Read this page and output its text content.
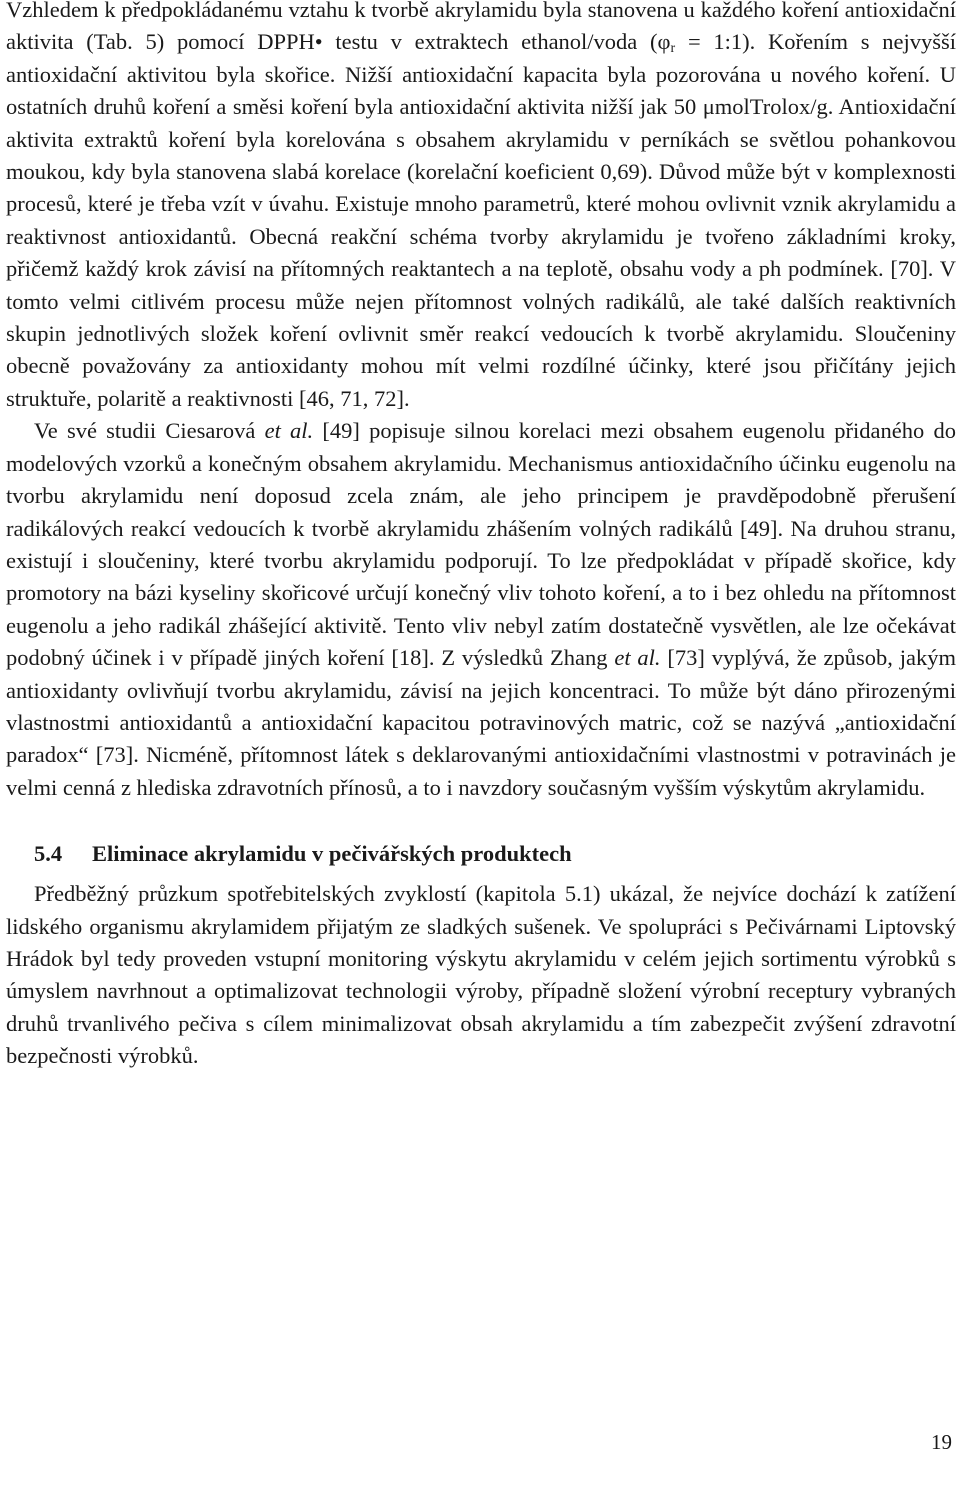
Vzhledem k předpokládanému vztahu k tvorbě akrylamidu byla stanovena u každého koření antioxidační aktivita (Tab. 5) pomocí DPPH• testu v extraktech ethanol/voda ($\varphi_r$ = 1:1). Kořením s nejvyšší antioxidační aktivitou byla skořice. Nižší antioxidační kapacita byla pozorována u nového koření. U ostatních druhů koření a směsi koření byla antioxidační aktivita nižší jak 50 μmolTrolox/g. Antioxidační aktivita extraktů koření byla korelována s obsahem akrylamidu v perníkách se světlou pohankovou moukou, kdy byla stanovena slabá korelace (korelační koeficient 0,69). Důvod může být v komplexnosti procesů, které je třeba vzít v úvahu. Existuje mnoho parametrů, které mohou ovlivnit vznik akrylamidu a reaktivnost antioxidantů. Obecná reakční schéma tvorby akrylamidu je tvořeno základními kroky, přičemž každý krok závisí na přítomných reaktantech a na teplotě, obsahu vody a ph podmínek. [70]. V tomto velmi citlivém procesu může nejen přítomnost volných radikálů, ale také dalších reaktivních skupin jednotlivých složek koření ovlivnit směr reakcí vedoucích k tvorbě akrylamidu. Sloučeniny obecně považovány za antioxidanty mohou mít velmi rozdílné účinky, které jsou přičítány jejich struktuře, polaritě a reaktivnosti [46, 71, 72].

Ve své studii Ciesarová et al. [49] popisuje silnou korelaci mezi obsahem eugenolu přidaného do modelových vzorků a konečným obsahem akrylamidu. Mechanismus antioxidačního účinku eugenolu na tvorbu akrylamidu není doposud zcela znám, ale jeho principem je pravděpodobně přerušení radikálových reakcí vedoucích k tvorbě akrylamidu zhášením volných radikálů [49]. Na druhou stranu, existují i sloučeniny, které tvorbu akrylamidu podporují. To lze předpokládat v případě skořice, kdy promotory na bázi kyseliny skořicové určují konečný vliv tohoto koření, a to i bez ohledu na přítomnost eugenolu a jeho radikál zhášející aktivitě. Tento vliv nebyl zatím dostatečně vysvětlen, ale lze očekávat podobný účinek i v případě jiných koření [18]. Z výsledků Zhang et al. [73] vyplývá, že způsob, jakým antioxidanty ovlivňují tvorbu akrylamidu, závisí na jejich koncentraci. To může být dáno přirozenými vlastnostmi antioxidantů a antioxidační kapacitou potravinových matric, což se nazývá „antioxidační paradox“ [73]. Nicméně, přítomnost látek s deklarovanými antioxidačními vlastnostmi v potravinách je velmi cenná z hlediska zdravotních přínosů, a to i navzdory současným vyšším výskytům akrylamidu.

5.4 Eliminace akrylamidu v pečivářských produktech

Předběžný průzkum spotřebitelských zvyklostí (kapitola 5.1) ukázal, že nejvíce dochází k zatížení lidského organismu akrylamidem přijatým ze sladkých sušenek. Ve spolupráci s Pečivárnami Liptovský Hrádok byl tedy proveden vstupní monitoring výskytu akrylamidu v celém jejich sortimentu výrobků s úmyslem navrhnout a optimalizovat technologii výroby, případně složení výrobní receptury vybraných druhů trvanlivého pečiva s cílem minimalizovat obsah akrylamidu a tím zabezpečit zvýšení zdravotní bezpečnosti výrobků.

19
